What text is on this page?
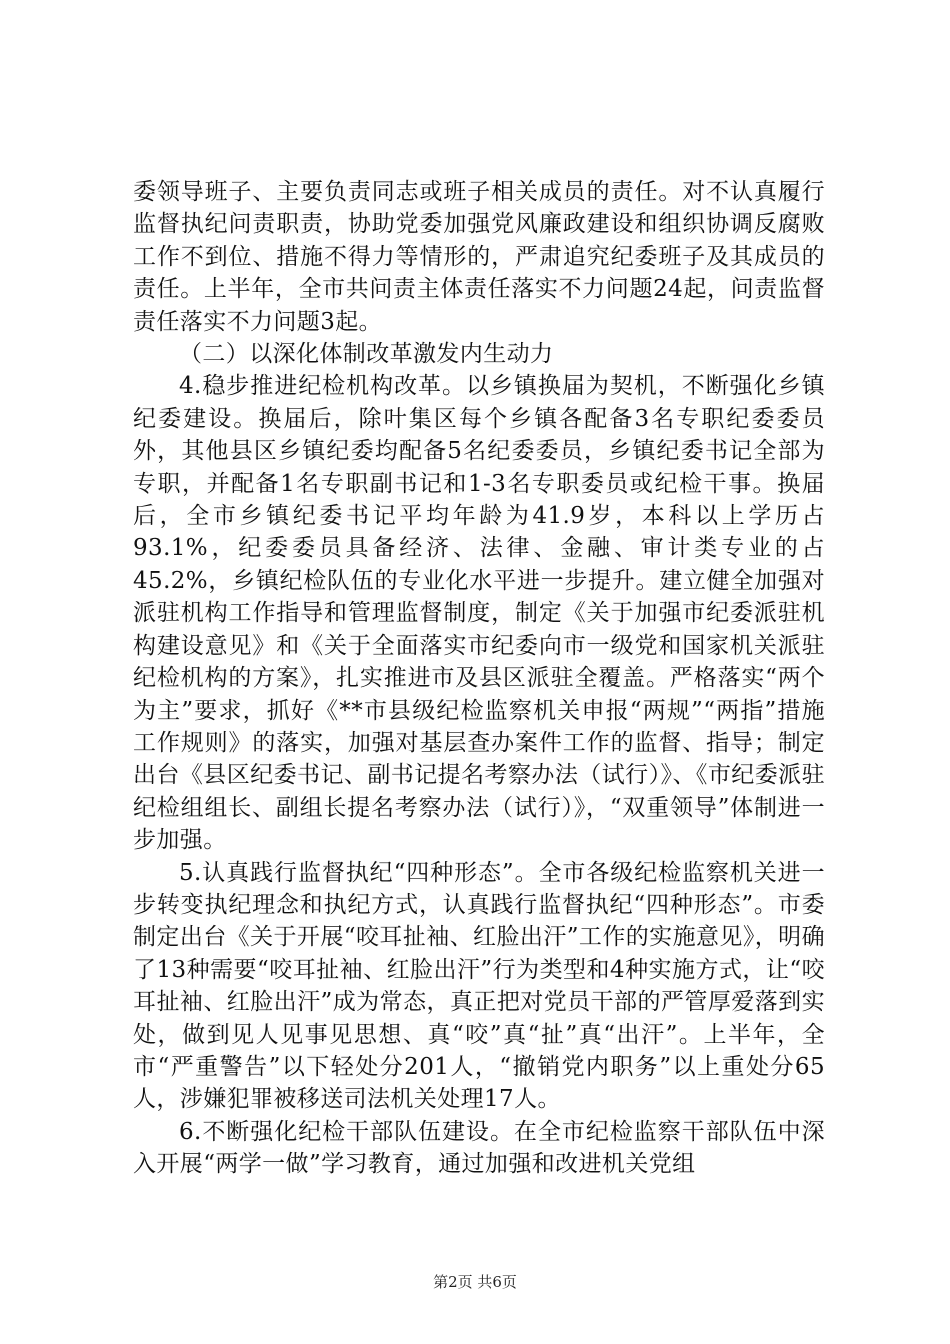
委领导班子、主要负责同志或班子相关成员的责任。对不认真履行监督执纪问责职责，协助党委加强党风廉政建设和组织协调反腐败工作不到位、措施不得力等情形的，严肃追究纪委班子及其成员的责任。上半年，全市共问责主体责任落实不力问题24起，问责监督责任落实不力问题3起。

（二）以深化体制改革激发内生动力

4.稳步推进纪检机构改革。以乡镇换届为契机，不断强化乡镇纪委建设。换届后，除叶集区每个乡镇各配备3名专职纪委委员外，其他县区乡镇纪委均配备5名纪委委员，乡镇纪委书记全部为专职，并配备1名专职副书记和1-3名专职委员或纪检干事。换届后，全市乡镇纪委书记平均年龄为41.9岁，本科以上学历占93.1%，纪委委员具备经济、法律、金融、审计类专业的占45.2%，乡镇纪检队伍的专业化水平进一步提升。建立健全加强对派驻机构工作指导和管理监督制度，制定《关于加强市纪委派驻机构建设意见》和《关于全面落实市纪委向市一级党和国家机关派驻纪检机构的方案》，扎实推进市及县区派驻全覆盖。严格落实“两个为主”要求，抓好《**市县级纪检监察机关申报“两规”“两指”措施工作规则》的落实，加强对基层查办案件工作的监督、指导；制定出台《县区纪委书记、副书记提名考察办法（试行）》、《市纪委派驻纪检组组长、副组长提名考察办法（试行）》，“双重领导”体制进一步加强。

5.认真践行监督执纪“四种形态”。全市各级纪检监察机关进一步转变执纪理念和执纪方式，认真践行监督执纪“四种形态”。市委制定出台《关于开展“咬耳扯袖、红脸出汗”工作的实施意见》，明确了13种需要“咬耳扯袖、红脸出汗”行为类型和4种实施方式，让“咬耳扯袖、红脸出汗”成为常态，真正把对党员干部的严管厚爱落到实处，做到见人见事见思想、真“咬”真“扯”真“出汗”。上半年，全市“严重警告”以下轻处分201人，“撤销党内职务”以上重处分65人，涉嫌犯罪被移送司法机关处理17人。

6.不断强化纪检干部队伍建设。在全市纪检监察干部队伍中深入开展“两学一做”学习教育，通过加强和改进机关党组

第2页 共6页
